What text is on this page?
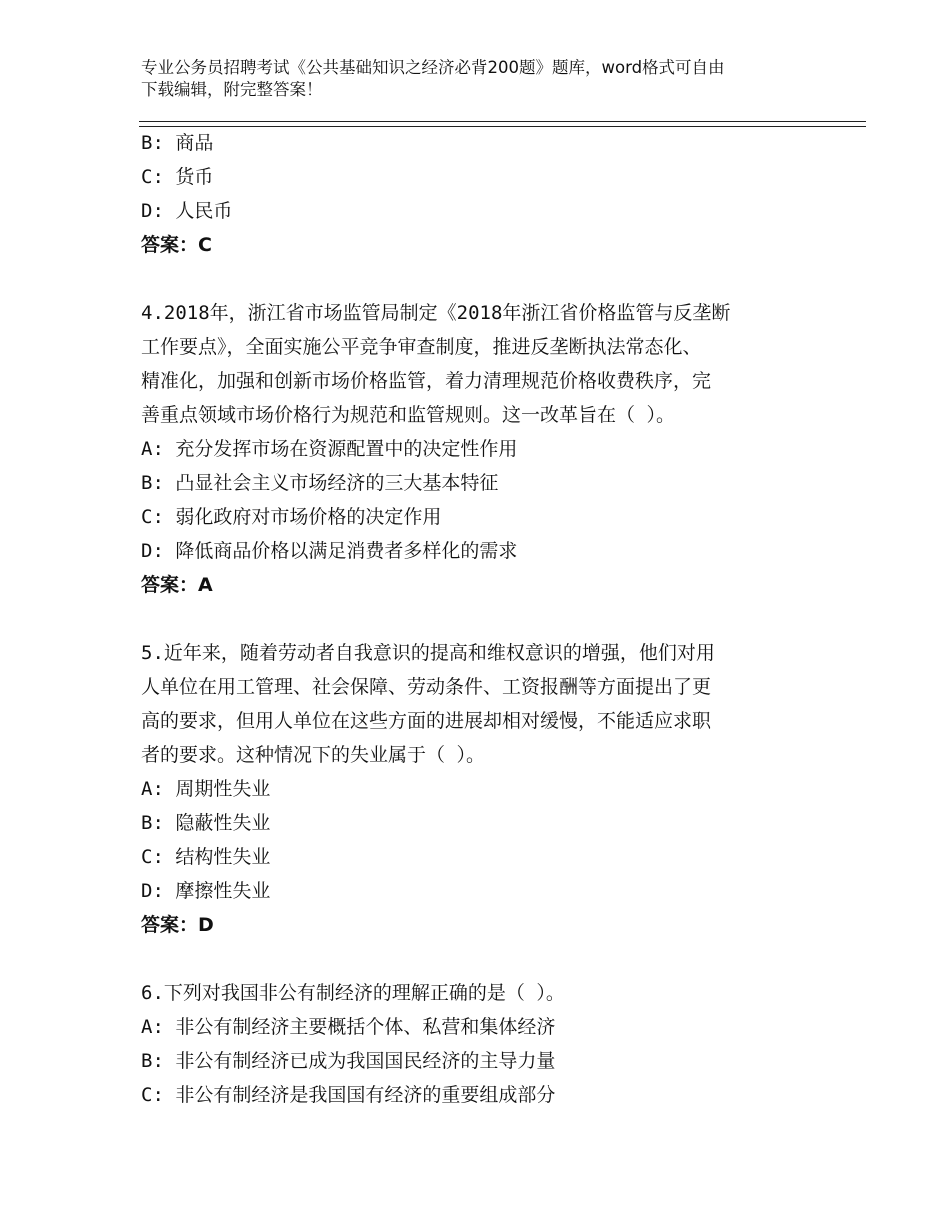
专业公务员招聘考试《公共基础知识之经济必背200题》题库，word格式可自由
下载编辑，附完整答案！
B: 商品
C: 货币
D: 人民币
答案：C
4.2018年，浙江省市场监管局制定《2018年浙江省价格监管与反垄断
工作要点》，全面实施公平竞争审查制度，推进反垄断执法常态化、
精准化，加强和创新市场价格监管，着力清理规范价格收费秩序，完
善重点领域市场价格行为规范和监管规则。这一改革旨在（ ）。
A: 充分发挥市场在资源配置中的决定性作用
B: 凸显社会主义市场经济的三大基本特征
C: 弱化政府对市场价格的决定作用
D: 降低商品价格以满足消费者多样化的需求
答案：A
5.近年来，随着劳动者自我意识的提高和维权意识的增强，他们对用
人单位在用工管理、社会保障、劳动条件、工资报酬等方面提出了更
高的要求，但用人单位在这些方面的进展却相对缓慢，不能适应求职
者的要求。这种情况下的失业属于（ ）。
A: 周期性失业
B: 隐蔽性失业
C: 结构性失业
D: 摩擦性失业
答案：D
6.下列对我国非公有制经济的理解正确的是（ ）。
A: 非公有制经济主要概括个体、私营和集体经济
B: 非公有制经济已成为我国国民经济的主导力量
C: 非公有制经济是我国国有经济的重要组成部分
